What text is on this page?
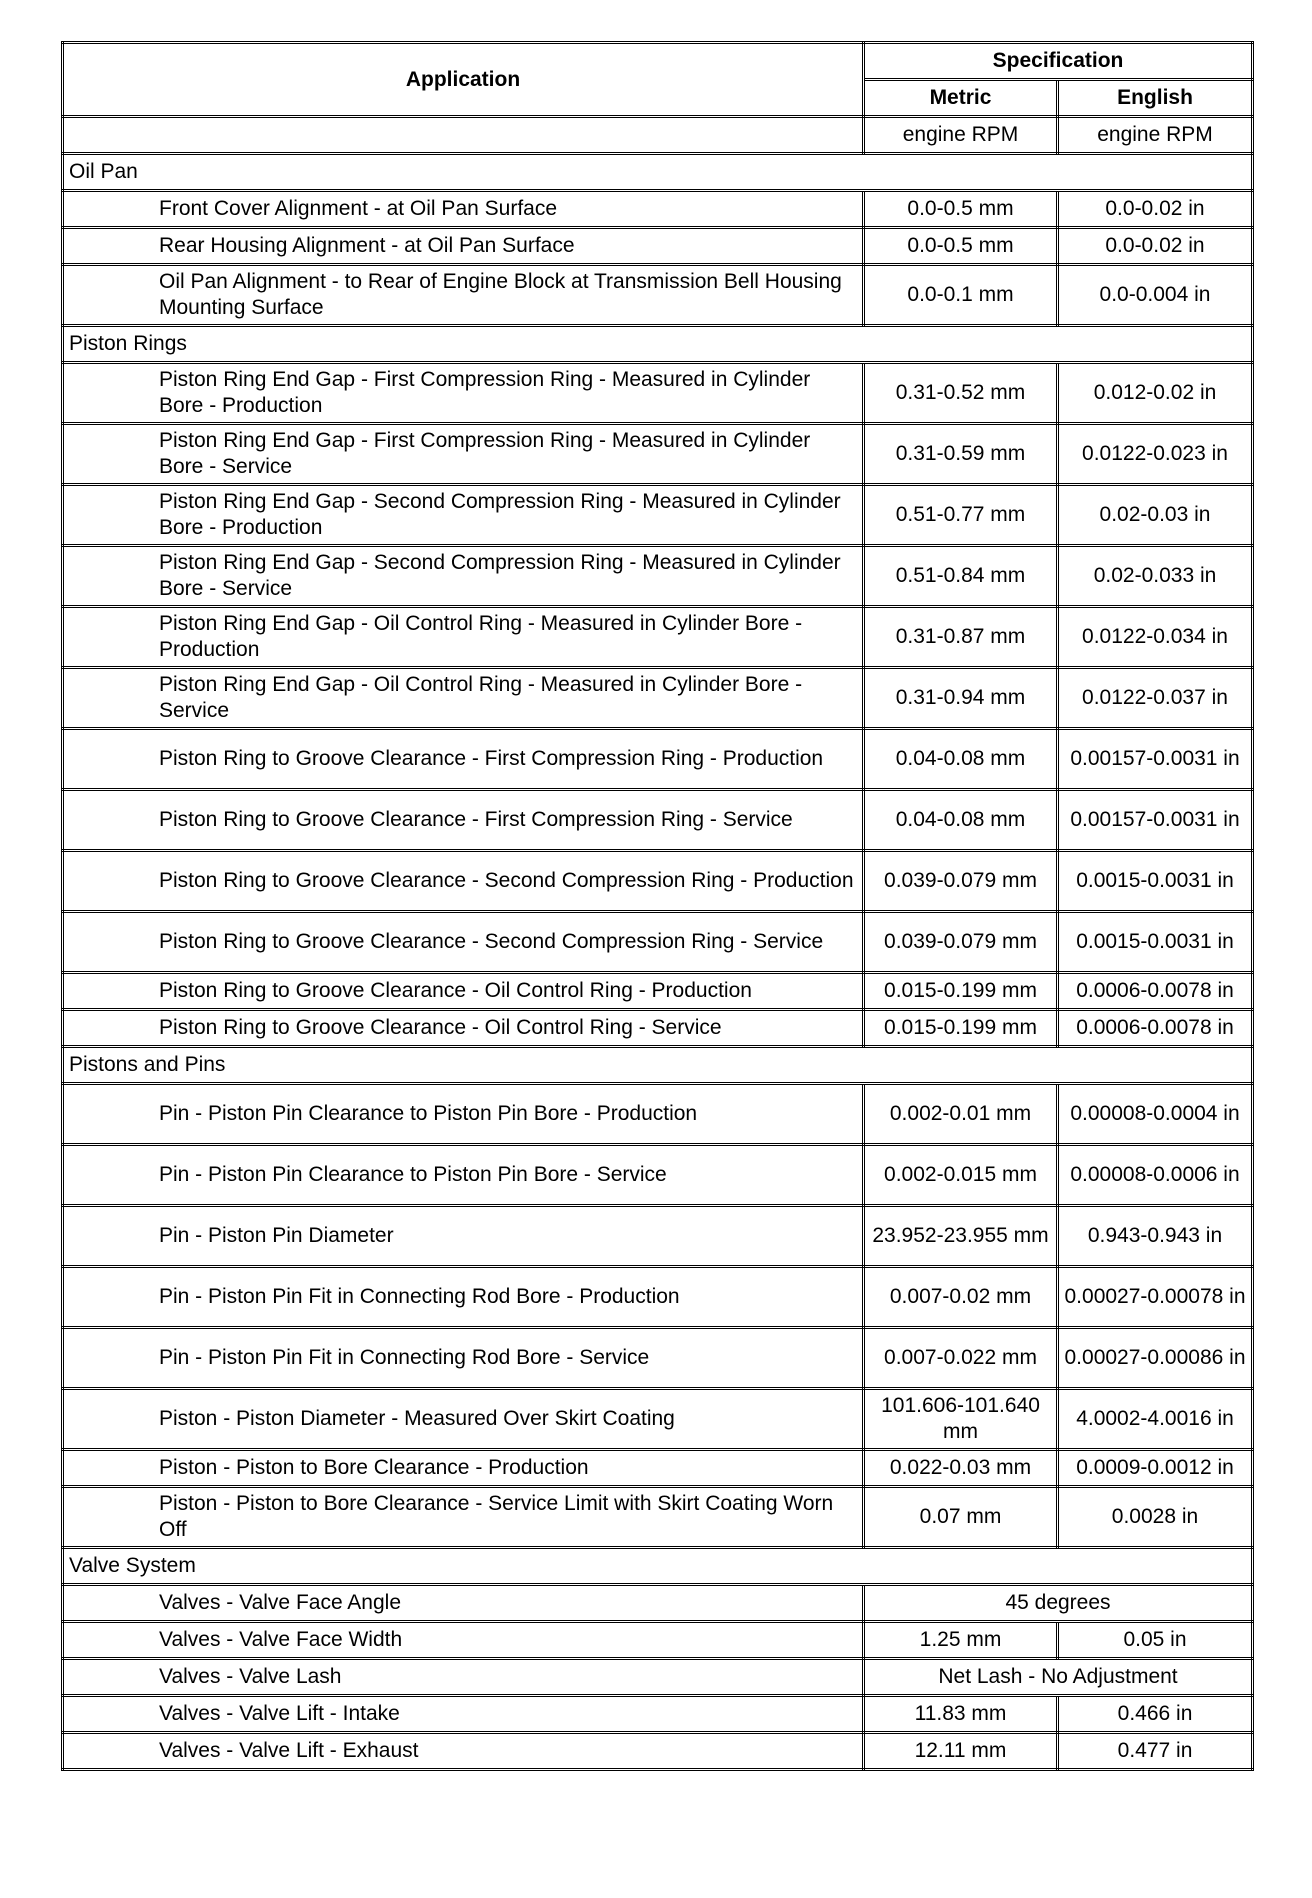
Application	Specification	
	Metric	English
	engine RPM	engine RPM
Oil Pan		
Front Cover Alignment - at Oil Pan Surface	0.0-0.5 mm	0.0-0.02 in
Rear Housing Alignment - at Oil Pan Surface	0.0-0.5 mm	0.0-0.02 in
Oil Pan Alignment - to Rear of Engine Block at Transmission Bell Housing Mounting Surface	0.0-0.1 mm	0.0-0.004 in
Piston Rings		
Piston Ring End Gap - First Compression Ring - Measured in Cylinder Bore - Production	0.31-0.52 mm	0.012-0.02 in
Piston Ring End Gap - First Compression Ring - Measured in Cylinder Bore - Service	0.31-0.59 mm	0.0122-0.023 in
Piston Ring End Gap - Second Compression Ring - Measured in Cylinder Bore - Production	0.51-0.77 mm	0.02-0.03 in
Piston Ring End Gap - Second Compression Ring - Measured in Cylinder Bore - Service	0.51-0.84 mm	0.02-0.033 in
Piston Ring End Gap - Oil Control Ring - Measured in Cylinder Bore - Production	0.31-0.87 mm	0.0122-0.034 in
Piston Ring End Gap - Oil Control Ring - Measured in Cylinder Bore - Service	0.31-0.94 mm	0.0122-0.037 in
Piston Ring to Groove Clearance - First Compression Ring - Production	0.04-0.08 mm	0.00157-0.0031 in
Piston Ring to Groove Clearance - First Compression Ring - Service	0.04-0.08 mm	0.00157-0.0031 in
Piston Ring to Groove Clearance - Second Compression Ring - Production	0.039-0.079 mm	0.0015-0.0031 in
Piston Ring to Groove Clearance - Second Compression Ring - Service	0.039-0.079 mm	0.0015-0.0031 in
Piston Ring to Groove Clearance - Oil Control Ring - Production	0.015-0.199 mm	0.0006-0.0078 in
Piston Ring to Groove Clearance - Oil Control Ring - Service	0.015-0.199 mm	0.0006-0.0078 in
Pistons and Pins		
Pin - Piston Pin Clearance to Piston Pin Bore - Production	0.002-0.01 mm	0.00008-0.0004 in
Pin - Piston Pin Clearance to Piston Pin Bore - Service	0.002-0.015 mm	0.00008-0.0006 in
Pin - Piston Pin Diameter	23.952-23.955 mm	0.943-0.943 in
Pin - Piston Pin Fit in Connecting Rod Bore - Production	0.007-0.02 mm	0.00027-0.00078 in
Pin - Piston Pin Fit in Connecting Rod Bore - Service	0.007-0.022 mm	0.00027-0.00086 in
Piston - Piston Diameter - Measured Over Skirt Coating	101.606-101.640 mm	4.0002-4.0016 in
Piston - Piston to Bore Clearance - Production	0.022-0.03 mm	0.0009-0.0012 in
Piston - Piston to Bore Clearance - Service Limit with Skirt Coating Worn Off	0.07 mm	0.0028 in
Valve System		
Valves - Valve Face Angle	45 degrees	
Valves - Valve Face Width	1.25 mm	0.05 in
Valves - Valve Lash	Net Lash - No Adjustment	
Valves - Valve Lift - Intake	11.83 mm	0.466 in
Valves - Valve Lift - Exhaust	12.11 mm	0.477 in
